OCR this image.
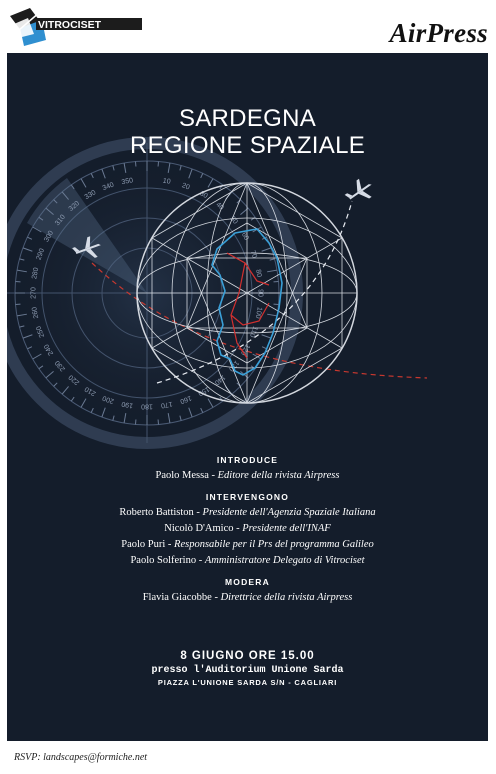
VITROCISET	AirPress
10
20
30
40
50
60
70
80
90
100
110
120
130
140
150
160
170
180
190
200
210
220
230
240
250
260
270
280
290
300
310
320
330
340 350
SARDEGNA
REGIONE SPAZIALE
INTRODUCE
Paolo Messa - Editore della rivista Airpress
INTERVENGONO
Roberto Battiston - Presidente dell'Agenzia Spaziale Italiana
Nicolò D'Amico - Presidente dell'INAF
Paolo Puri - Responsabile per il Prs del programma Galileo
Paolo Solferino - Amministratore Delegato di Vitrociset
MODERA
Flavia Giacobbe - Direttrice della rivista Airpress
8 GIUGNO ORE 15.00
presso l'Auditorium Unione Sarda
PIAZZA L'UNIONE SARDA S/N - CAGLIARI
RSVP: landscapes@formiche.net
